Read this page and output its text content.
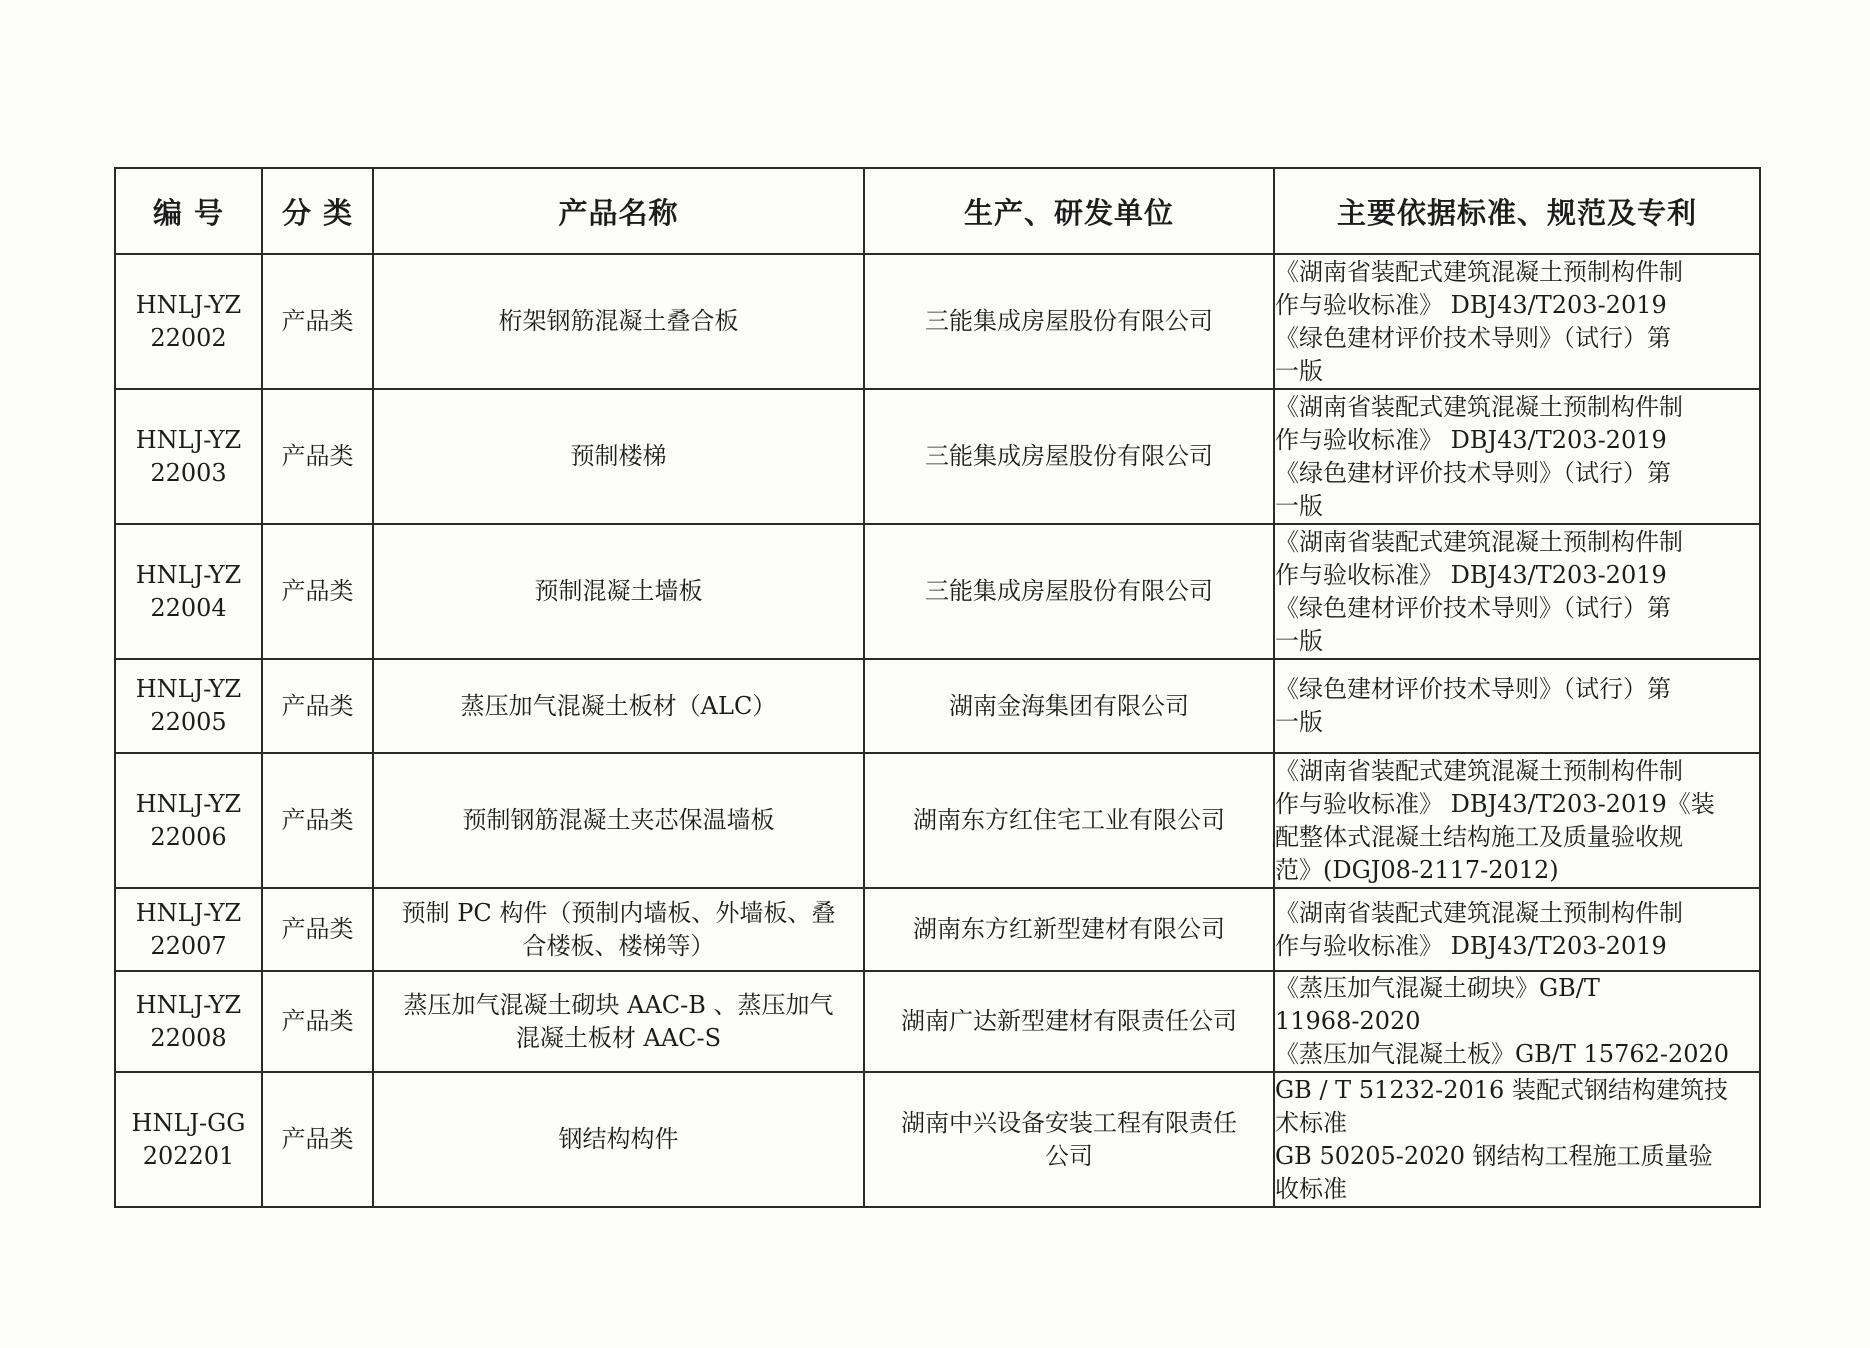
编 号	分 类	产品名称	生产、研发单位	主要依据标准、规范及专利

HNLJ-YZ
22002	产品类	桁架钢筋混凝土叠合板	三能集成房屋股份有限公司	《湖南省装配式建筑混凝土预制构件制
作与验收标准》 DBJ43/T203-2019
《绿色建材评价技术导则》（试行）第
一版

HNLJ-YZ
22003	产品类	预制楼梯	三能集成房屋股份有限公司	《湖南省装配式建筑混凝土预制构件制
作与验收标准》 DBJ43/T203-2019
《绿色建材评价技术导则》（试行）第
一版

HNLJ-YZ
22004	产品类	预制混凝土墙板	三能集成房屋股份有限公司	《湖南省装配式建筑混凝土预制构件制
作与验收标准》 DBJ43/T203-2019
《绿色建材评价技术导则》（试行）第
一版

HNLJ-YZ
22005	产品类	蒸压加气混凝土板材（ALC）	湖南金海集团有限公司	《绿色建材评价技术导则》（试行）第
一版

HNLJ-YZ
22006	产品类	预制钢筋混凝土夹芯保温墙板	湖南东方红住宅工业有限公司	《湖南省装配式建筑混凝土预制构件制
作与验收标准》 DBJ43/T203-2019《装
配整体式混凝土结构施工及质量验收规
范》(DGJ08-2117-2012)

HNLJ-YZ
22007	产品类	预制 PC 构件（预制内墙板、外墙板、叠
合楼板、楼梯等）	湖南东方红新型建材有限公司	《湖南省装配式建筑混凝土预制构件制
作与验收标准》 DBJ43/T203-2019

HNLJ-YZ
22008	产品类	蒸压加气混凝土砌块 AAC-B 、蒸压加气
混凝土板材 AAC-S	湖南广达新型建材有限责任公司	《蒸压加气混凝土砌块》GB/T
11968-2020
《蒸压加气混凝土板》GB/T 15762-2020

HNLJ-GG
202201	产品类	钢结构构件	湖南中兴设备安装工程有限责任
公司	GB / T 51232-2016 装配式钢结构建筑技
术标准
GB 50205-2020 钢结构工程施工质量验
收标准
